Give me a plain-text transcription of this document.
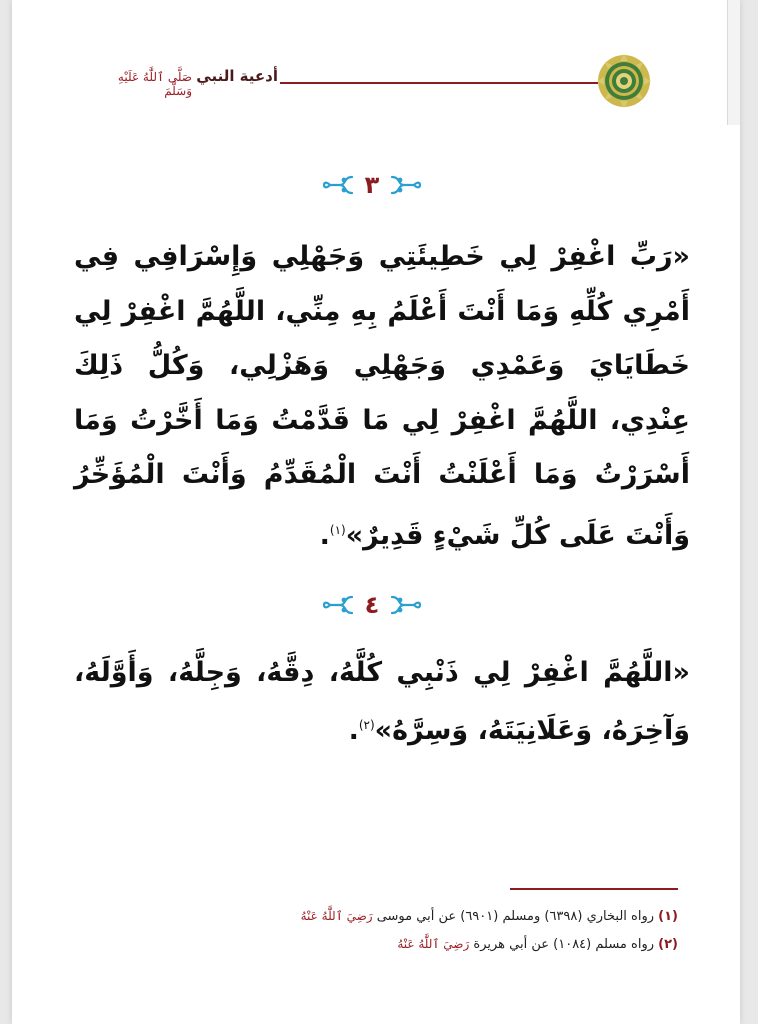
صَلَّى ٱللَّٰهُ عَلَيْهِ وَسَلَّمَ
أدعية النبي
٣
«رَبِّ اغْفِرْ لِي خَطِيئَتِي وَجَهْلِي وَإِسْرَافِي فِي أَمْرِي كُلِّهِ وَمَا أَنْتَ أَعْلَمُ بِهِ مِنِّي، اللَّهُمَّ اغْفِرْ لِي خَطَايَايَ وَعَمْدِي وَجَهْلِي وَهَزْلِي، وَكُلُّ ذَلِكَ عِنْدِي، اللَّهُمَّ اغْفِرْ لِي مَا قَدَّمْتُ وَمَا أَخَّرْتُ وَمَا أَسْرَرْتُ وَمَا أَعْلَنْتُ أَنْتَ الْمُقَدِّمُ وَأَنْتَ الْمُؤَخِّرُ وَأَنْتَ عَلَى كُلِّ شَيْءٍ قَدِيرٌ»$^{(١)}$.
٤
«اللَّهُمَّ اغْفِرْ لِي ذَنْبِي كُلَّهُ، دِقَّهُ، وَجِلَّهُ، وَأَوَّلَهُ، وَآخِرَهُ، وَعَلَانِيَتَهُ، وَسِرَّهُ»$^{(٢)}$.
(١) رواه البخاري (٦٣٩٨) ومسلم (٦٩٠١) عن أبي موسى رَضِيَ ٱللَّٰهُ عَنْهُ
(٢) رواه مسلم (١٠٨٤) عن أبي هريرة رَضِيَ ٱللَّٰهُ عَنْهُ
